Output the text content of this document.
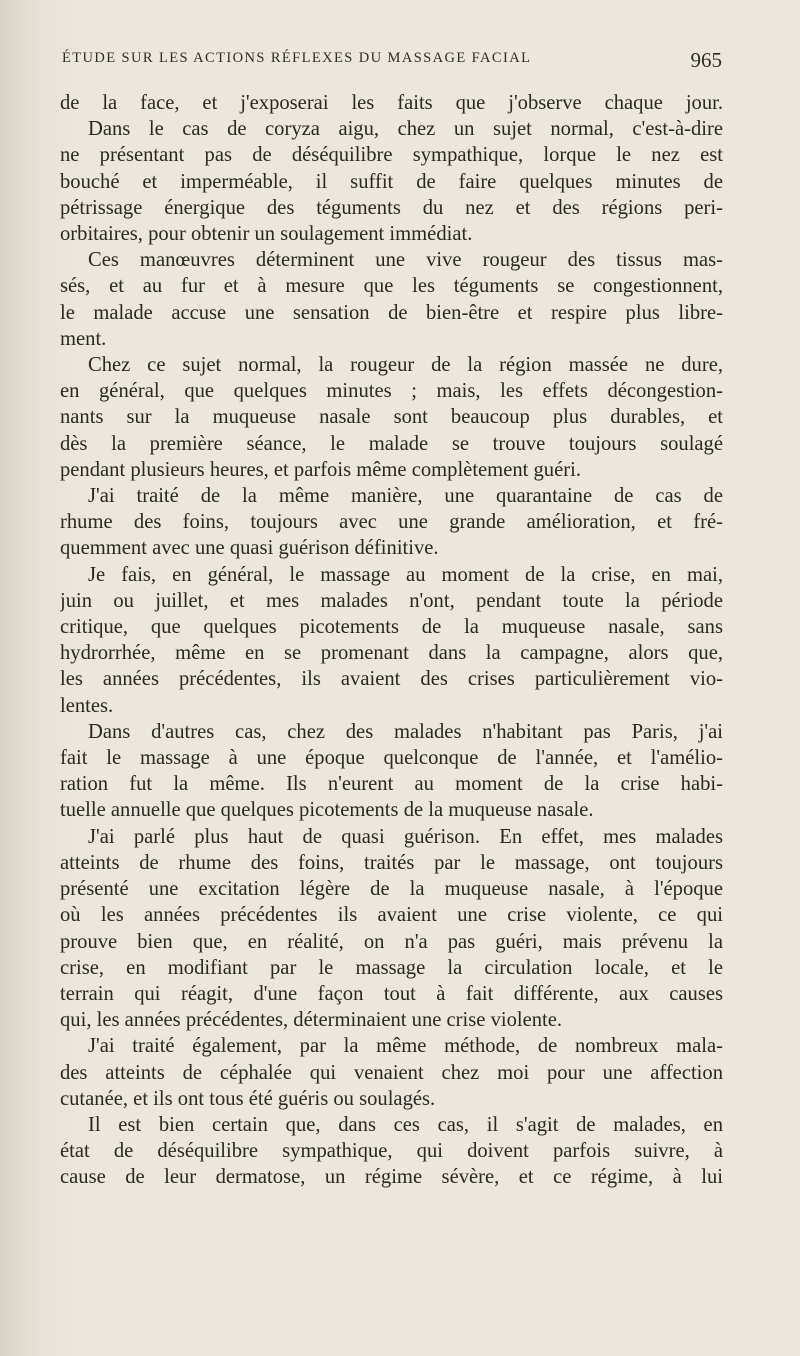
ÉTUDE SUR LES ACTIONS RÉFLEXES DU MASSAGE FACIAL	965
de la face, et j'exposerai les faits que j'observe chaque jour.
Dans le cas de coryza aigu, chez un sujet normal, c'est-à-dire
ne présentant pas de déséquilibre sympathique, lorque le nez est
bouché et imperméable, il suffit de faire quelques minutes de
pétrissage énergique des téguments du nez et des régions peri-
orbitaires, pour obtenir un soulagement immédiat.
Ces manœuvres déterminent une vive rougeur des tissus mas-
sés, et au fur et à mesure que les téguments se congestionnent,
le malade accuse une sensation de bien-être et respire plus libre-
ment.
Chez ce sujet normal, la rougeur de la région massée ne dure,
en général, que quelques minutes ; mais, les effets décongestion-
nants sur la muqueuse nasale sont beaucoup plus durables, et
dès la première séance, le malade se trouve toujours soulagé
pendant plusieurs heures, et parfois même complètement guéri.
J'ai traité de la même manière, une quarantaine de cas de
rhume des foins, toujours avec une grande amélioration, et fré-
quemment avec une quasi guérison définitive.
Je fais, en général, le massage au moment de la crise, en mai,
juin ou juillet, et mes malades n'ont, pendant toute la période
critique, que quelques picotements de la muqueuse nasale, sans
hydrorrhée, même en se promenant dans la campagne, alors que,
les années précédentes, ils avaient des crises particulièrement vio-
lentes.
Dans d'autres cas, chez des malades n'habitant pas Paris, j'ai
fait le massage à une époque quelconque de l'année, et l'amélio-
ration fut la même. Ils n'eurent au moment de la crise habi-
tuelle annuelle que quelques picotements de la muqueuse nasale.
J'ai parlé plus haut de quasi guérison. En effet, mes malades
atteints de rhume des foins, traités par le massage, ont toujours
présenté une excitation légère de la muqueuse nasale, à l'époque
où les années précédentes ils avaient une crise violente, ce qui
prouve bien que, en réalité, on n'a pas guéri, mais prévenu la
crise, en modifiant par le massage la circulation locale, et le
terrain qui réagit, d'une façon tout à fait différente, aux causes
qui, les années précédentes, déterminaient une crise violente.
J'ai traité également, par la même méthode, de nombreux mala-
des atteints de céphalée qui venaient chez moi pour une affection
cutanée, et ils ont tous été guéris ou soulagés.
Il est bien certain que, dans ces cas, il s'agit de malades, en
état de déséquilibre sympathique, qui doivent parfois suivre, à
cause de leur dermatose, un régime sévère, et ce régime, à lui
